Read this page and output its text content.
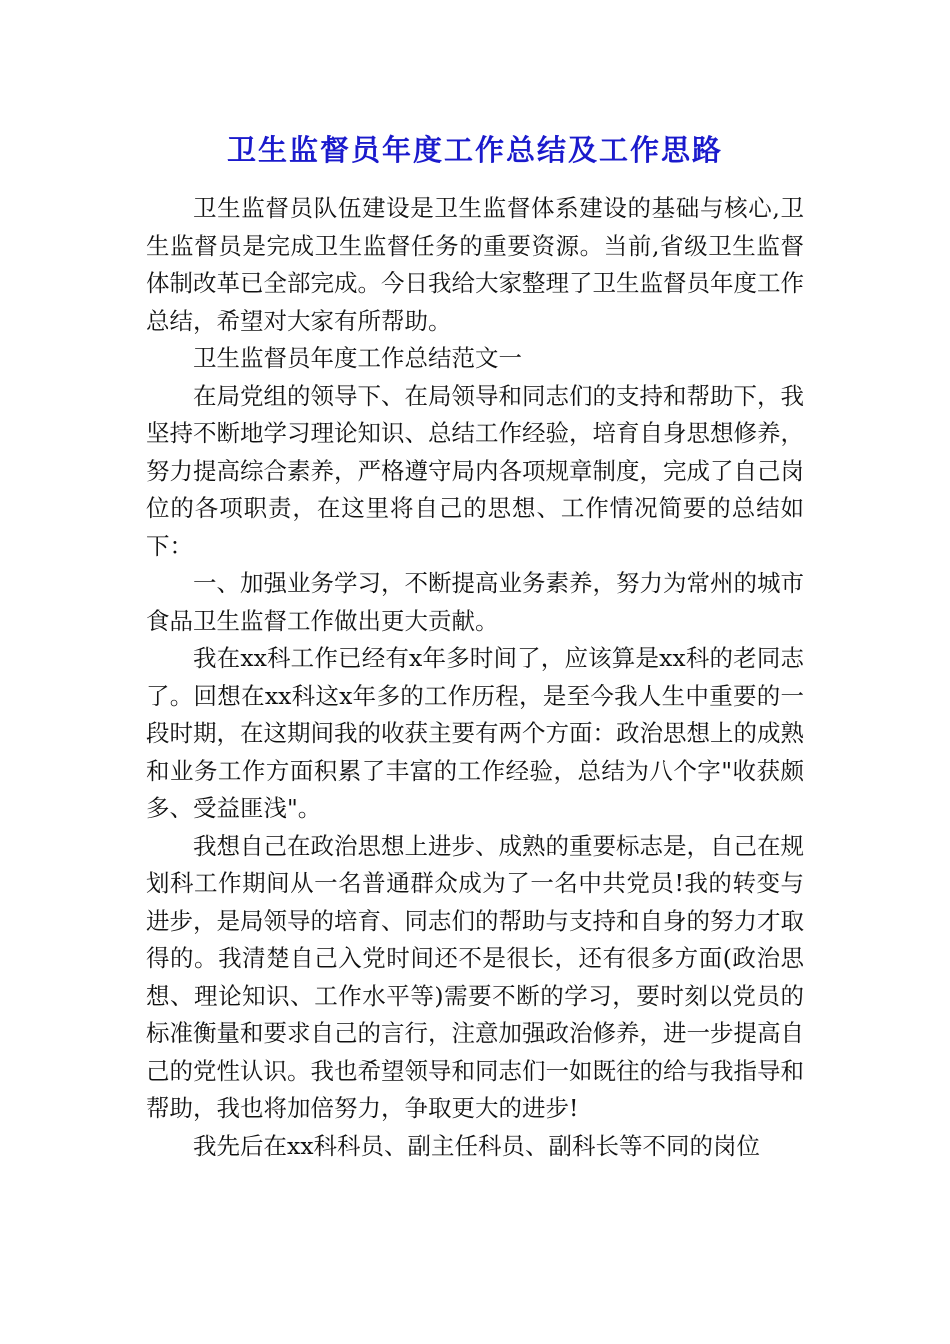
卫生监督员年度工作总结及工作思路

卫生监督员队伍建设是卫生监督体系建设的基础与核心,卫生监督员是完成卫生监督任务的重要资源。当前,省级卫生监督体制改革已全部完成。今日我给大家整理了卫生监督员年度工作总结，希望对大家有所帮助。

卫生监督员年度工作总结范文一

在局党组的领导下、在局领导和同志们的支持和帮助下，我坚持不断地学习理论知识、总结工作经验，培育自身思想修养，努力提高综合素养，严格遵守局内各项规章制度，完成了自己岗位的各项职责，在这里将自己的思想、工作情况简要的总结如下：

一、加强业务学习，不断提高业务素养，努力为常州的城市食品卫生监督工作做出更大贡献。

我在xx科工作已经有x年多时间了，应该算是xx科的老同志了。回想在xx科这x年多的工作历程，是至今我人生中重要的一段时期，在这期间我的收获主要有两个方面：政治思想上的成熟和业务工作方面积累了丰富的工作经验，总结为八个字"收获颇多、受益匪浅"。

我想自己在政治思想上进步、成熟的重要标志是，自己在规划科工作期间从一名普通群众成为了一名中共党员!我的转变与进步，是局领导的培育、同志们的帮助与支持和自身的努力才取得的。我清楚自己入党时间还不是很长，还有很多方面(政治思想、理论知识、工作水平等)需要不断的学习，要时刻以党员的标准衡量和要求自己的言行，注意加强政治修养，进一步提高自己的党性认识。我也希望领导和同志们一如既往的给与我指导和帮助，我也将加倍努力，争取更大的进步!

我先后在xx科科员、副主任科员、副科长等不同的岗位
